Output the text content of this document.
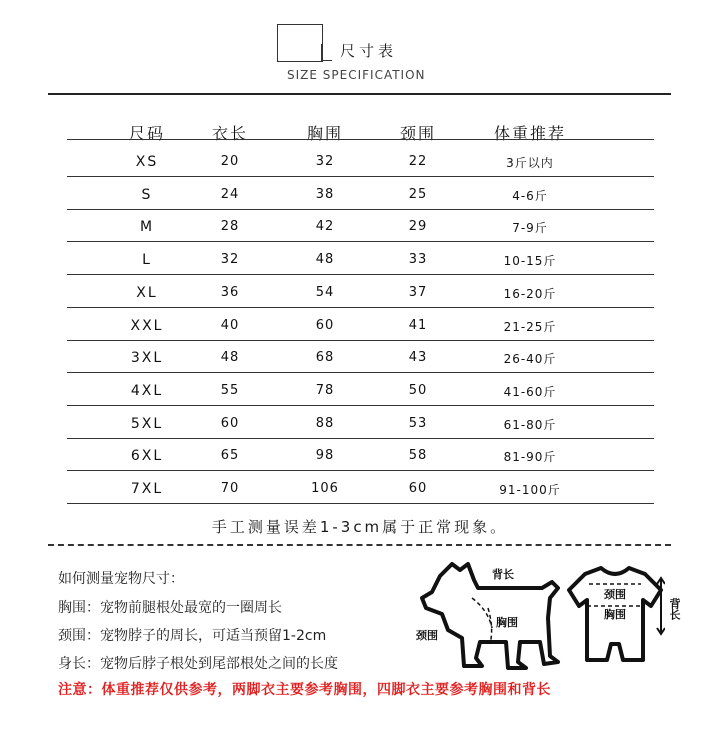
尺寸表
SIZE SPECIFICATION
尺码	衣长	胸围	颈围	体重推荐
XS	20	32	22	3斤以内
S	24	38	25	4-6斤
M	28	42	29	7-9斤
L	32	48	33	10-15斤
XL	36	54	37	16-20斤
XXL	40	60	41	21-25斤
3XL	48	68	43	26-40斤
4XL	55	78	50	41-60斤
5XL	60	88	53	61-80斤
6XL	65	98	58	81-90斤
7XL	70	106	60	91-100斤
手工测量误差1-3cm属于正常现象。
如何测量宠物尺寸：
胸围：宠物前腿根处最宽的一圈周长
颈围：宠物脖子的周长，可适当预留1-2cm
身长：宠物后脖子根处到尾部根处之间的长度
注意：体重推荐仅供参考，两脚衣主要参考胸围，四脚衣主要参考胸围和背长
背长
颈围
胸围
颈围
胸围	背长
